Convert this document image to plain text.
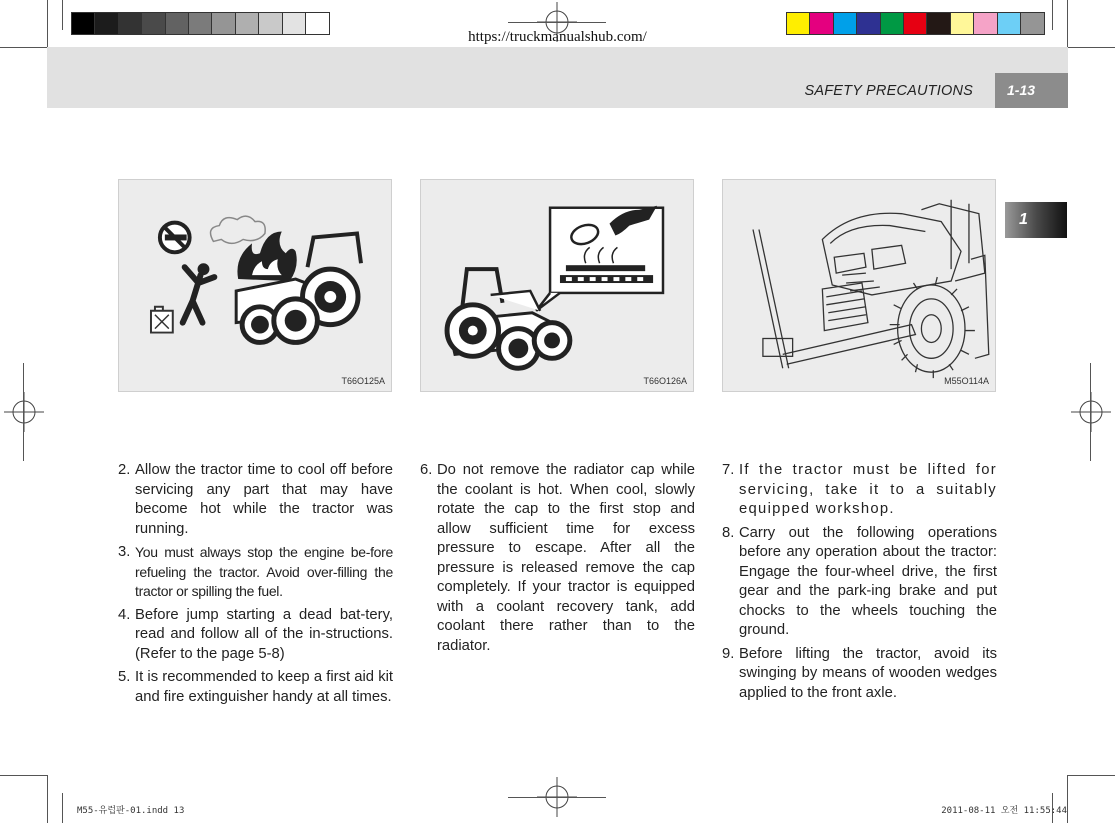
https://truckmanualshub.com/
SAFETY PRECAUTIONS	1-13
1
T66O125A	T66O126A	M55O114A
2. Allow the tractor time to cool off before servicing any part that may have become hot while the tractor was running.
3. You must always stop the engine be-fore refueling the tractor. Avoid over-filling the tractor or spilling the fuel.
4. Before jump starting a dead bat-tery, read and follow all of the in-structions. (Refer to the page 5-8)
5. It is recommended to keep a first aid kit and fire extinguisher handy at all times.
6. Do not remove the radiator cap while the coolant is hot. When cool, slowly rotate the cap to the first stop and allow sufficient time for excess pressure to escape. After all the pressure is released remove the cap completely. If your tractor is equipped with a coolant recovery tank, add coolant there rather than to the radiator.
7. If the tractor must be lifted for servicing, take it to a suitably equipped workshop.
8. Carry out the following operations before any operation about the tractor: Engage the four-wheel drive, the first gear and the park-ing brake and put chocks to the wheels touching the ground.
9. Before lifting the tractor, avoid its swinging by means of wooden wedges applied to the front axle.
M55-유럽판-01.indd 13	2011-08-11 오전 11:55:44
